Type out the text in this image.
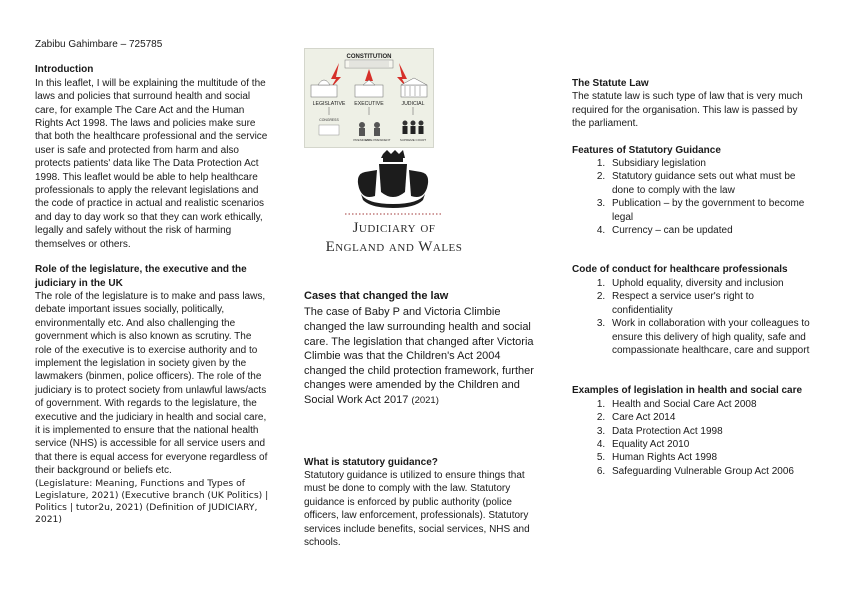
Zabibu Gahimbare – 725785

Introduction

In this leaflet, I will be explaining the multitude of the laws and policies that surround health and social care, for example The Care Act and the Human Rights Act 1998. The laws and policies make sure that both the healthcare professional and the service user is safe and protected from harm and also protects patients' data like The Data Protection Act 1998. This leaflet would be able to help healthcare professionals to apply the relevant legislations and the code of practice in actual and realistic scenarios and day to day work so that they can work ethically, legally and safely without the risk of harming themselves or others.

Role of the legislature, the executive and the judiciary in the UK

The role of the legislature is to make and pass laws, debate important issues socially, politically, environmentally etc. And also challenging the government which is also known as scrutiny. The role of the executive is to exercise authority and to implement the legislation in society given by the lawmakers (binmen, police officers). The role of the judiciary is to protect society from unlawful laws/acts of government. With regards to the legislature, the executive and the judiciary in health and social care, it is implemented to ensure that the national health service (NHS) is accessible for all service users and that there is equal access for everyone regardless of their background or beliefs etc.

(Legislature: Meaning, Functions and Types of Legislature, 2021) (Executive branch (UK Politics) | Politics | tutor2u, 2021) (Definition of JUDICIARY, 2021)

CONSTITUTION
LEGISLATIVE EXECUTIVE	JUDICIAL
CONGRESS
PRESIDENT
VICE PRESIDENT	SUPREME COURT
Judiciary of
England and Wales

Cases that changed the law

The case of Baby P and Victoria Climbie changed the law surrounding health and social care. The legislation that changed after Victoria Climbie was that the Children's Act 2004 changed the child protection framework, further changes were amended by the Children and Social Work Act 2017 (2021)

What is statutory guidance?

Statutory guidance is utilized to ensure things that must be done to comply with the law. Statutory guidance is enforced by public authority (police officers, law enforcement, professionals). Statutory services include benefits, social services, NHS and schools.

The Statute Law

The statute law is such type of law that is very much required for the organisation. This law is passed by the parliament.

Features of Statutory Guidance

1. Subsidiary legislation
2. Statutory guidance sets out what must be done to comply with the law
3. Publication – by the government to become legal
4. Currency – can be updated

Code of conduct for healthcare professionals

1. Uphold equality, diversity and inclusion
2. Respect a service user's right to confidentiality
3. Work in collaboration with your colleagues to ensure this delivery of high quality, safe and compassionate healthcare, care and support

Examples of legislation in health and social care

1. Health and Social Care Act 2008
2. Care Act 2014
3. Data Protection Act 1998
4. Equality Act 2010
5. Human Rights Act 1998
6. Safeguarding Vulnerable Group Act 2006
